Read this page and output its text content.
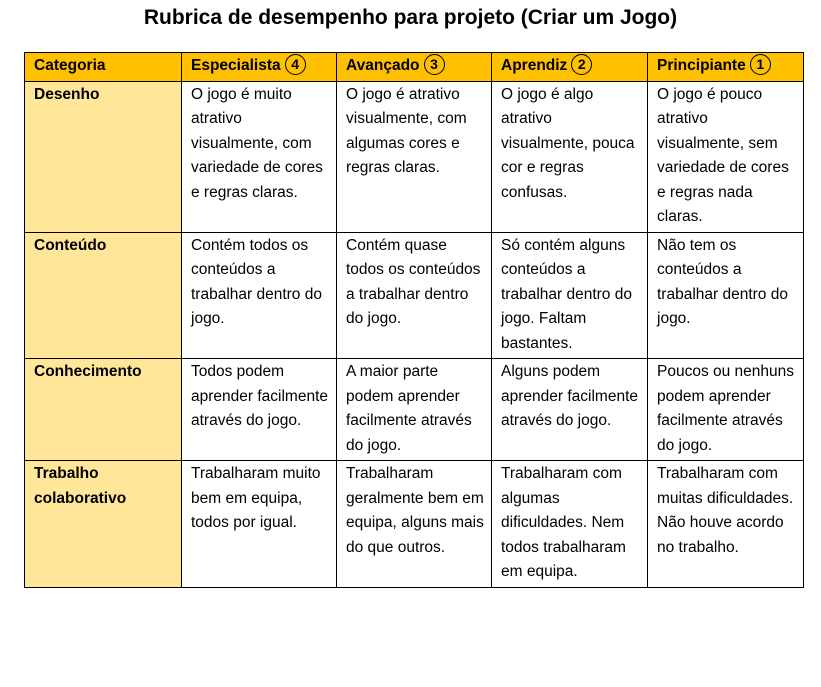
Rubrica de desempenho para projeto (Criar um Jogo)
Categoria	Especialista 4	Avançado 3	Aprendiz 2	Principiante 1
Desenho	O jogo é muito atrativo visualmente, com variedade de cores e regras claras.	O jogo é atrativo visualmente, com algumas cores e regras claras.	O jogo é algo atrativo visualmente, pouca cor e regras confusas.	O jogo é pouco atrativo visualmente, sem variedade de cores e regras nada claras.
Conteúdo	Contém todos os conteúdos a trabalhar dentro do jogo.	Contém quase todos os conteúdos a trabalhar dentro do jogo.	Só contém alguns conteúdos a trabalhar dentro do jogo. Faltam bastantes.	Não tem os conteúdos a trabalhar dentro do jogo.
Conhecimento	Todos podem aprender facilmente através do jogo.	A maior parte podem aprender facilmente através do jogo.	Alguns podem aprender facilmente através do jogo.	Poucos ou nenhuns podem aprender facilmente através do jogo.
Trabalho colaborativo	Trabalharam muito bem em equipa, todos por igual.	Trabalharam geralmente bem em equipa, alguns mais do que outros.	Trabalharam com algumas dificuldades. Nem todos trabalharam em equipa.	Trabalharam com muitas dificuldades. Não houve acordo no trabalho.
